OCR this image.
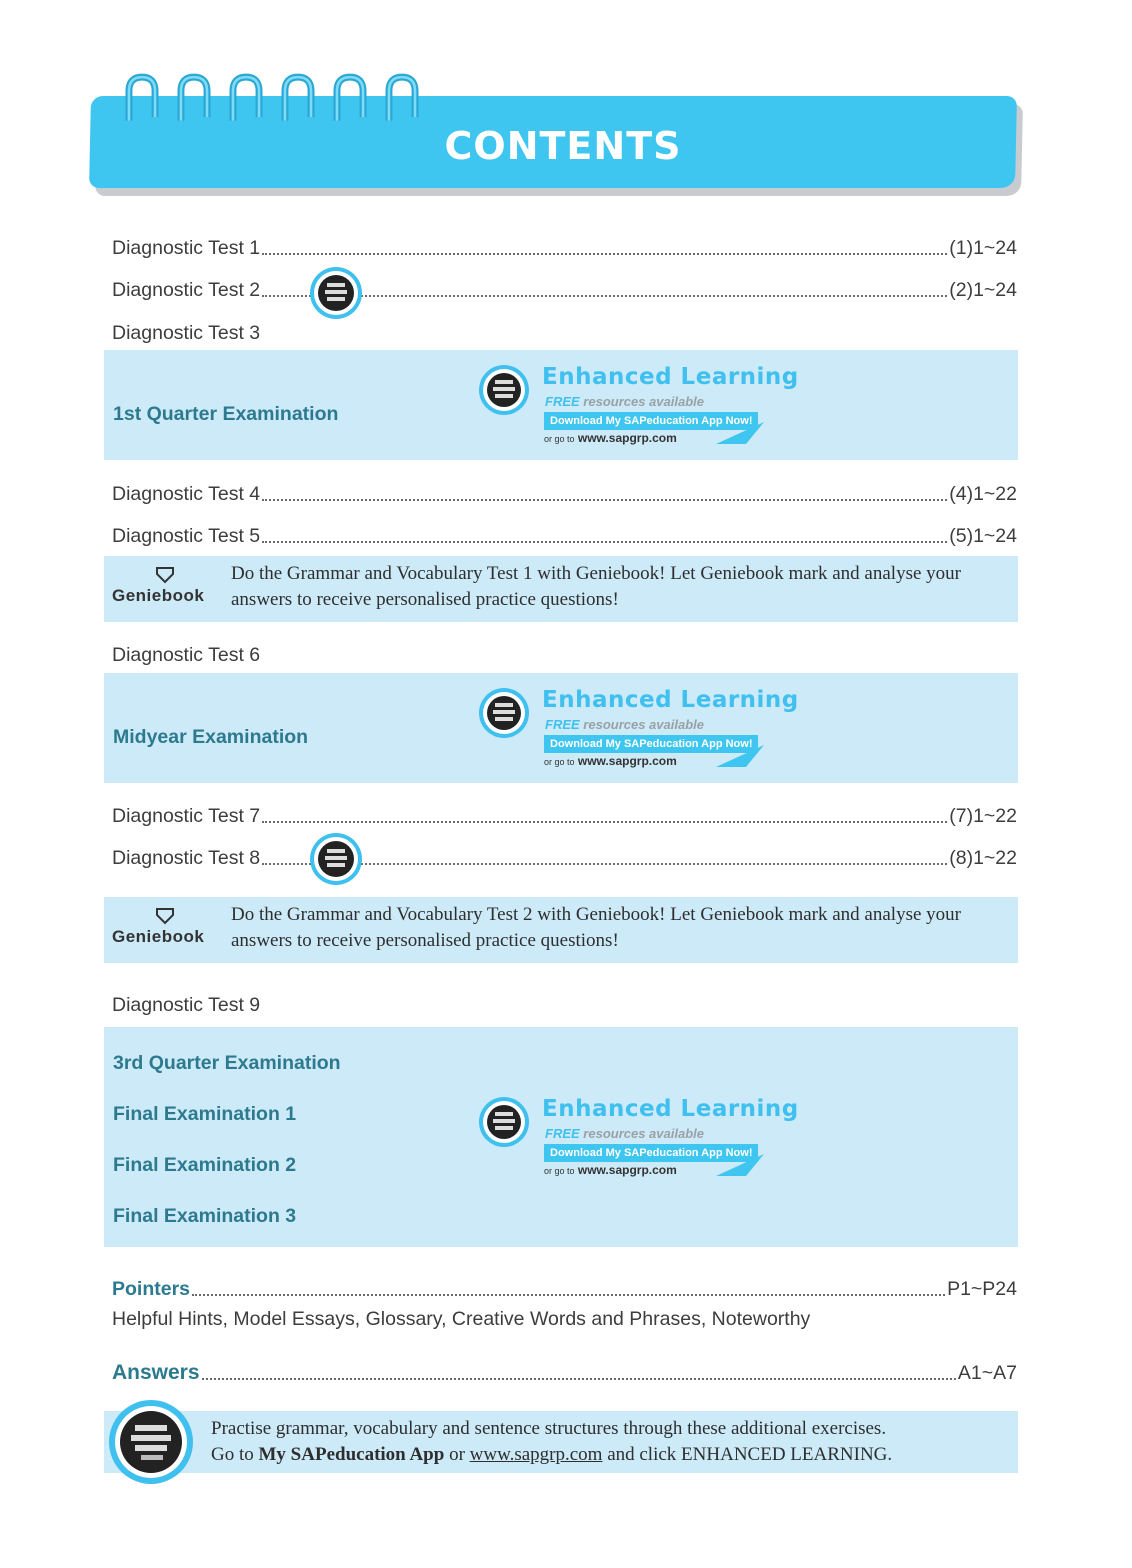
CONTENTS
Diagnostic Test 1	(1)1~24
Diagnostic Test 2	(2)1~24
Diagnostic Test 3
1st Quarter Examination
Enhanced Learning
FREE resources available
Download My SAPeducation App Now!
or go to www.sapgrp.com
Diagnostic Test 4	(4)1~22
Diagnostic Test 5	(5)1~24
Geniebook
Do the Grammar and Vocabulary Test 1 with Geniebook! Let Geniebook mark and analyse your answers to receive personalised practice questions!
Diagnostic Test 6
Midyear Examination
Enhanced Learning
FREE resources available
Download My SAPeducation App Now!
or go to www.sapgrp.com
Diagnostic Test 7	(7)1~22
Diagnostic Test 8	(8)1~22
Geniebook
Do the Grammar and Vocabulary Test 2 with Geniebook! Let Geniebook mark and analyse your answers to receive personalised practice questions!
Diagnostic Test 9
3rd Quarter Examination
Final Examination 1
Final Examination 2
Final Examination 3
Enhanced Learning
FREE resources available
Download My SAPeducation App Now!
or go to www.sapgrp.com
Pointers	P1~P24
Helpful Hints, Model Essays, Glossary, Creative Words and Phrases, Noteworthy
Answers	A1~A7
Practise grammar, vocabulary and sentence structures through these additional exercises.
Go to My SAPeducation App or www.sapgrp.com and click ENHANCED LEARNING.
